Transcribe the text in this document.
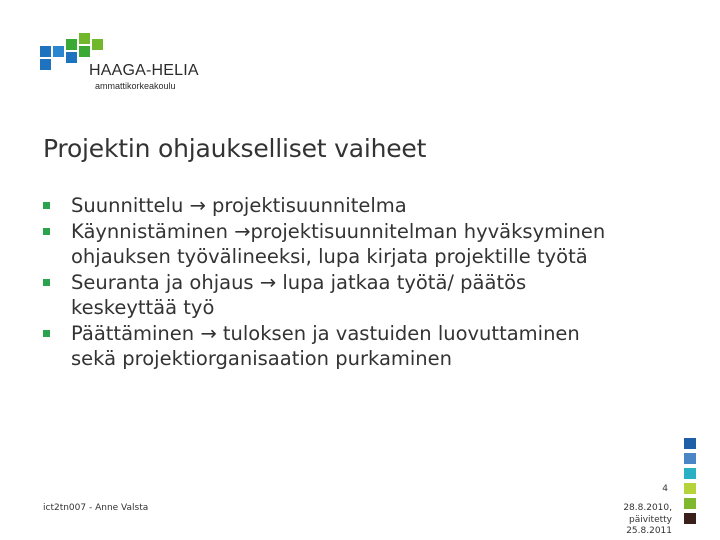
HAAGA-HELIA
ammattikorkeakoulu
Projektin ohjaukselliset vaiheet
Suunnittelu → projektisuunnitelma
Käynnistäminen →projektisuunnitelman hyväksyminen
ohjauksen työvälineeksi, lupa kirjata projektille työtä
Seuranta ja ohjaus → lupa jatkaa työtä/ päätös
keskeyttää työ
Päättäminen → tuloksen ja vastuiden luovuttaminen
sekä projektiorganisaation purkaminen
4
ict2tn007 - Anne Valsta	28.8.2010,
päivitetty
25.8.2011
